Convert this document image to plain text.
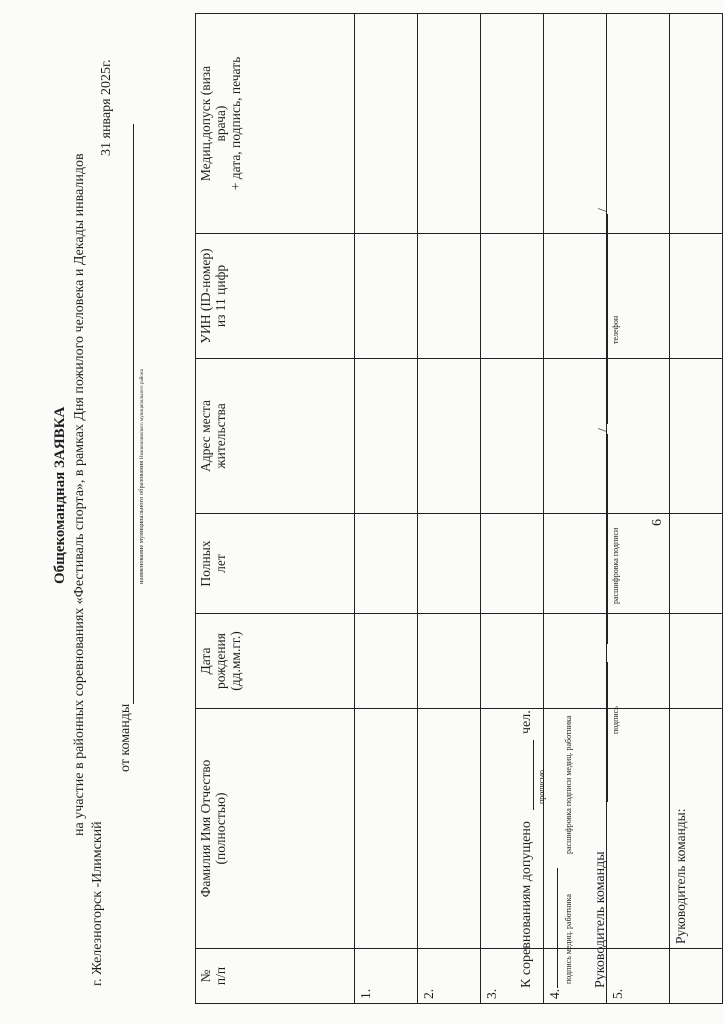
Общекомандная ЗАЯВКА на участие в районных соревнованиях «Фестиваль спорта», в рамках Дня пожилого человека и Декады инвалидов
г. Железногорск -Илимский
31 января 2025г.
от команды
наименование муниципального образования Нижнеилимского муниципального района
№ п/п	Фамилия Имя Отчество (полностью)	Дата рождения (дд.мм.гг.)	Полных лет	Адрес места жительства	УИН (ID-номер) из 11 цифр	Медиц.допуск (виза врача) + дата, подпись, печать

1.						
2.						
3.						
4.						
5.						
	Руководитель команды:					
К соревнованиям допущено
чел.
прописью
подпись медиц. работника
расшифровка подписи медиц. работника
Руководитель команды
подпись
расшифровка подписи
/
телефон
/
6
